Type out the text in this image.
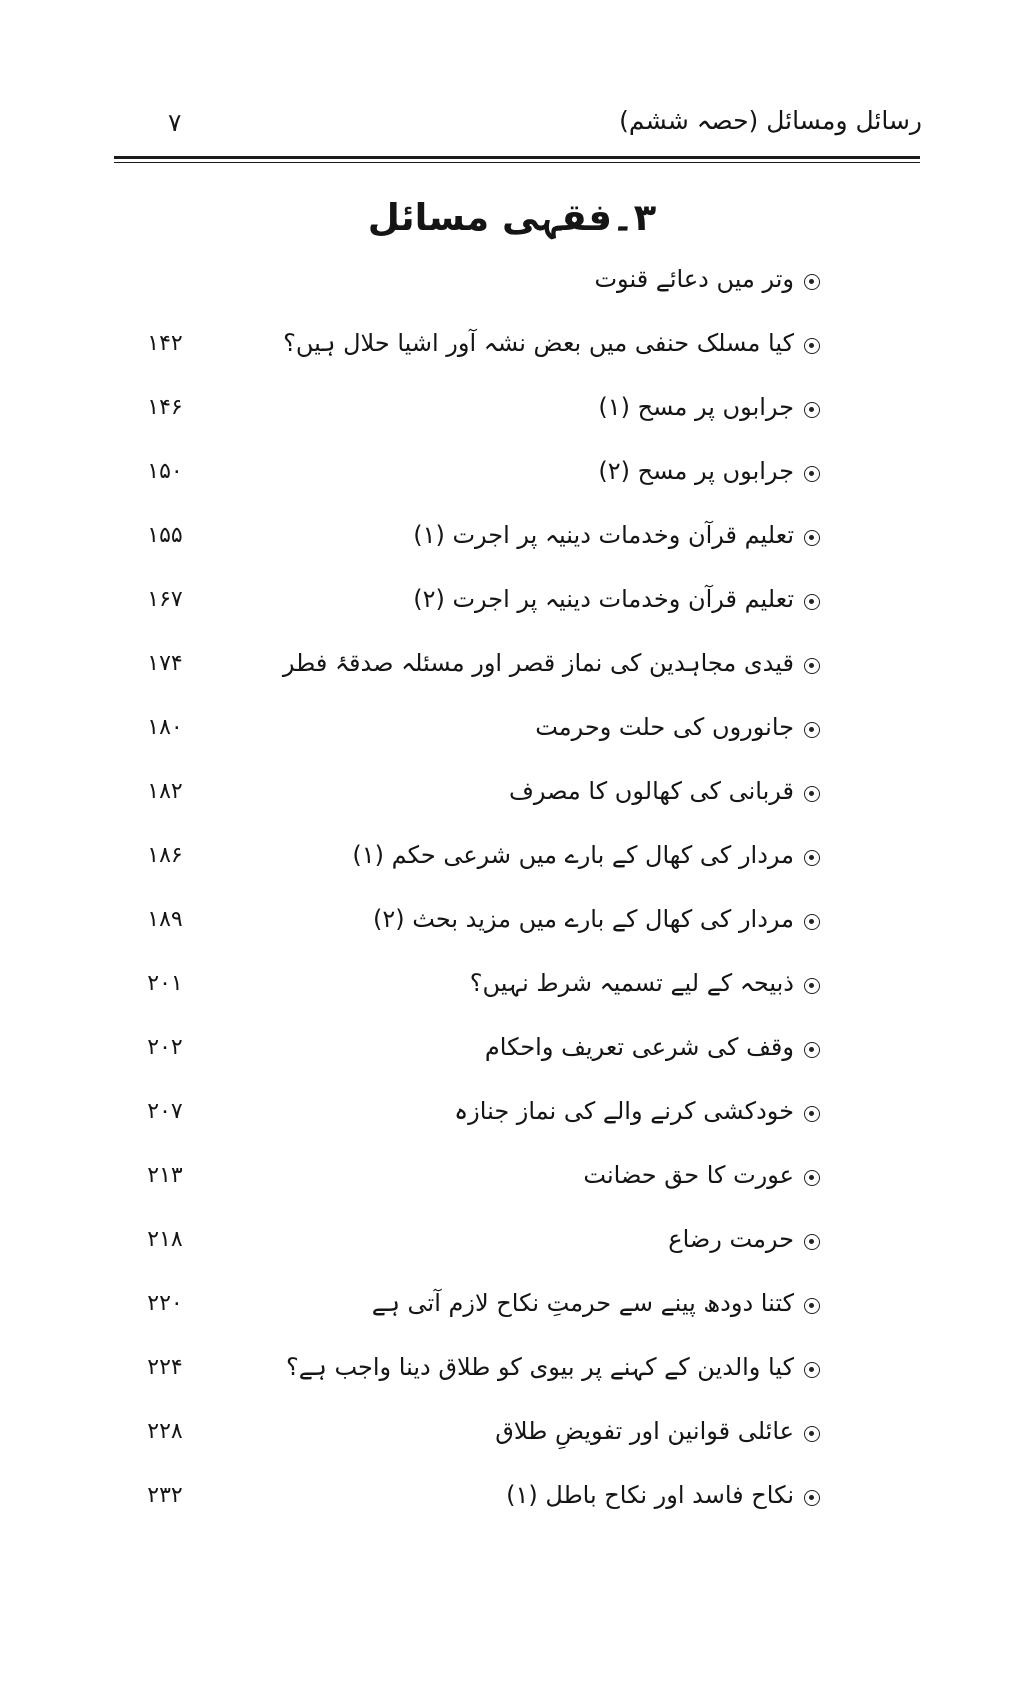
رسائل ومسائل (حصہ ششم)
۷
۳۔فقہی مسائل
وتر میں دعائے قنوت
کیا مسلک حنفی میں بعض نشہ آور اشیا حلال ہیں؟
۱۴۲
جرابوں پر مسح (۱)
۱۴۶
جرابوں پر مسح (۲)
۱۵۰
تعلیم قرآن وخدمات دینیہ پر اجرت (۱)
۱۵۵
تعلیم قرآن وخدمات دینیہ پر اجرت (۲)
۱۶۷
قیدی مجاہدین کی نماز قصر اور مسئلہ صدقۂ فطر
۱۷۴
جانوروں کی حلت وحرمت
۱۸۰
قربانی کی کھالوں کا مصرف
۱۸۲
مردار کی کھال کے بارے میں شرعی حکم (۱)
۱۸۶
مردار کی کھال کے بارے میں مزید بحث (۲)
۱۸۹
ذبیحہ کے لیے تسمیہ شرط نہیں؟
۲۰۱
وقف کی شرعی تعریف واحکام
۲۰۲
خودکشی کرنے والے کی نماز جنازہ
۲۰۷
عورت کا حق حضانت
۲۱۳
حرمت رضاع
۲۱۸
کتنا دودھ پینے سے حرمتِ نکاح لازم آتی ہے
۲۲۰
کیا والدین کے کہنے پر بیوی کو طلاق دینا واجب ہے؟
۲۲۴
عائلی قوانین اور تفویضِ طلاق
۲۲۸
نکاح فاسد اور نکاح باطل (۱)
۲۳۲
